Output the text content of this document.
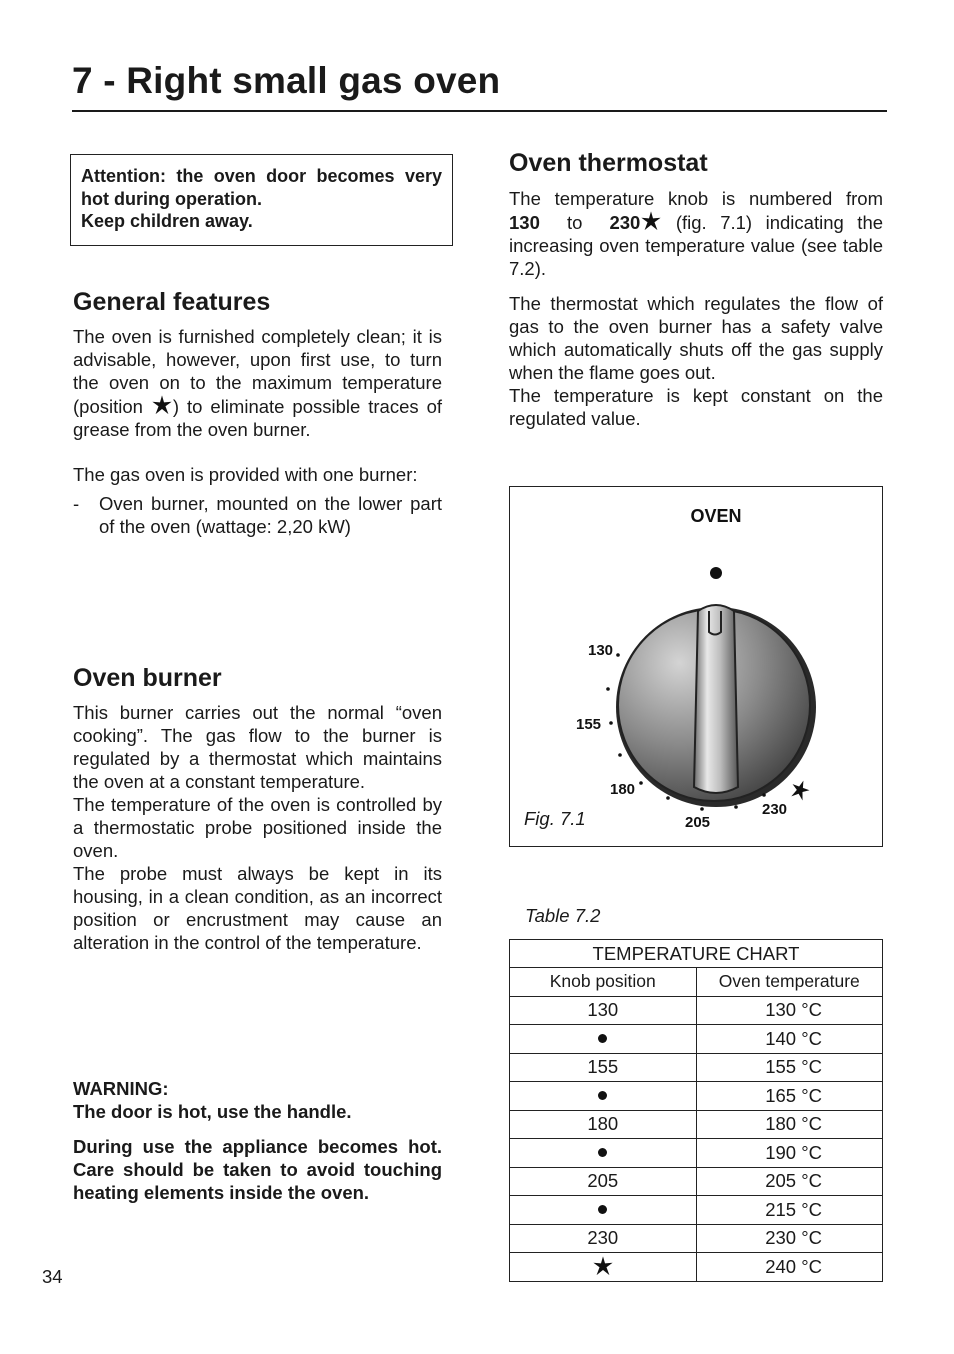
7 - Right small gas oven

Attention: the oven door becomes very hot during operation.

Keep children away.

General features

The oven is furnished completely clean; it is advisable, however, upon first use, to turn the oven on to the maximum temperature (position ) to eliminate possible traces of grease from the oven burner.

The gas oven is provided with one burner:

-	Oven burner, mounted on the lower part of the oven (wattage: 2,20 kW)
Oven burner

This burner carries out the normal “oven cooking”. The gas flow to the burner is regulated by a thermostat which maintains the oven at a constant temperature.

The temperature of the oven is controlled by a thermostatic probe positioned inside the oven.

The probe must always be kept in its housing, in a clean condition, as an incorrect position or encrustment may cause an alteration in the control of the temperature.

WARNING:

The door is hot, use the handle.

During use the appliance becomes hot. Care should be taken to avoid touching heating elements inside the oven.

Oven thermostat

The temperature knob is numbered from 130 to 230 (fig. 7.1) indicating the increasing oven temperature value (see table 7.2).

The thermostat which regulates the flow of gas to the oven burner has a safety valve which automatically shuts off the gas supply when the flame goes out.

The temperature is kept constant on the regulated value.

OVEN
130
155
180
205
230
Fig. 7.1
Table 7.2
TEMPERATURE CHART	
Knob position	Oven temperature
130	130 °C
	140 °C
155	155 °C
	165 °C
180	180 °C
	190 °C
205	205 °C
	215 °C
230	230 °C
	240 °C
34
